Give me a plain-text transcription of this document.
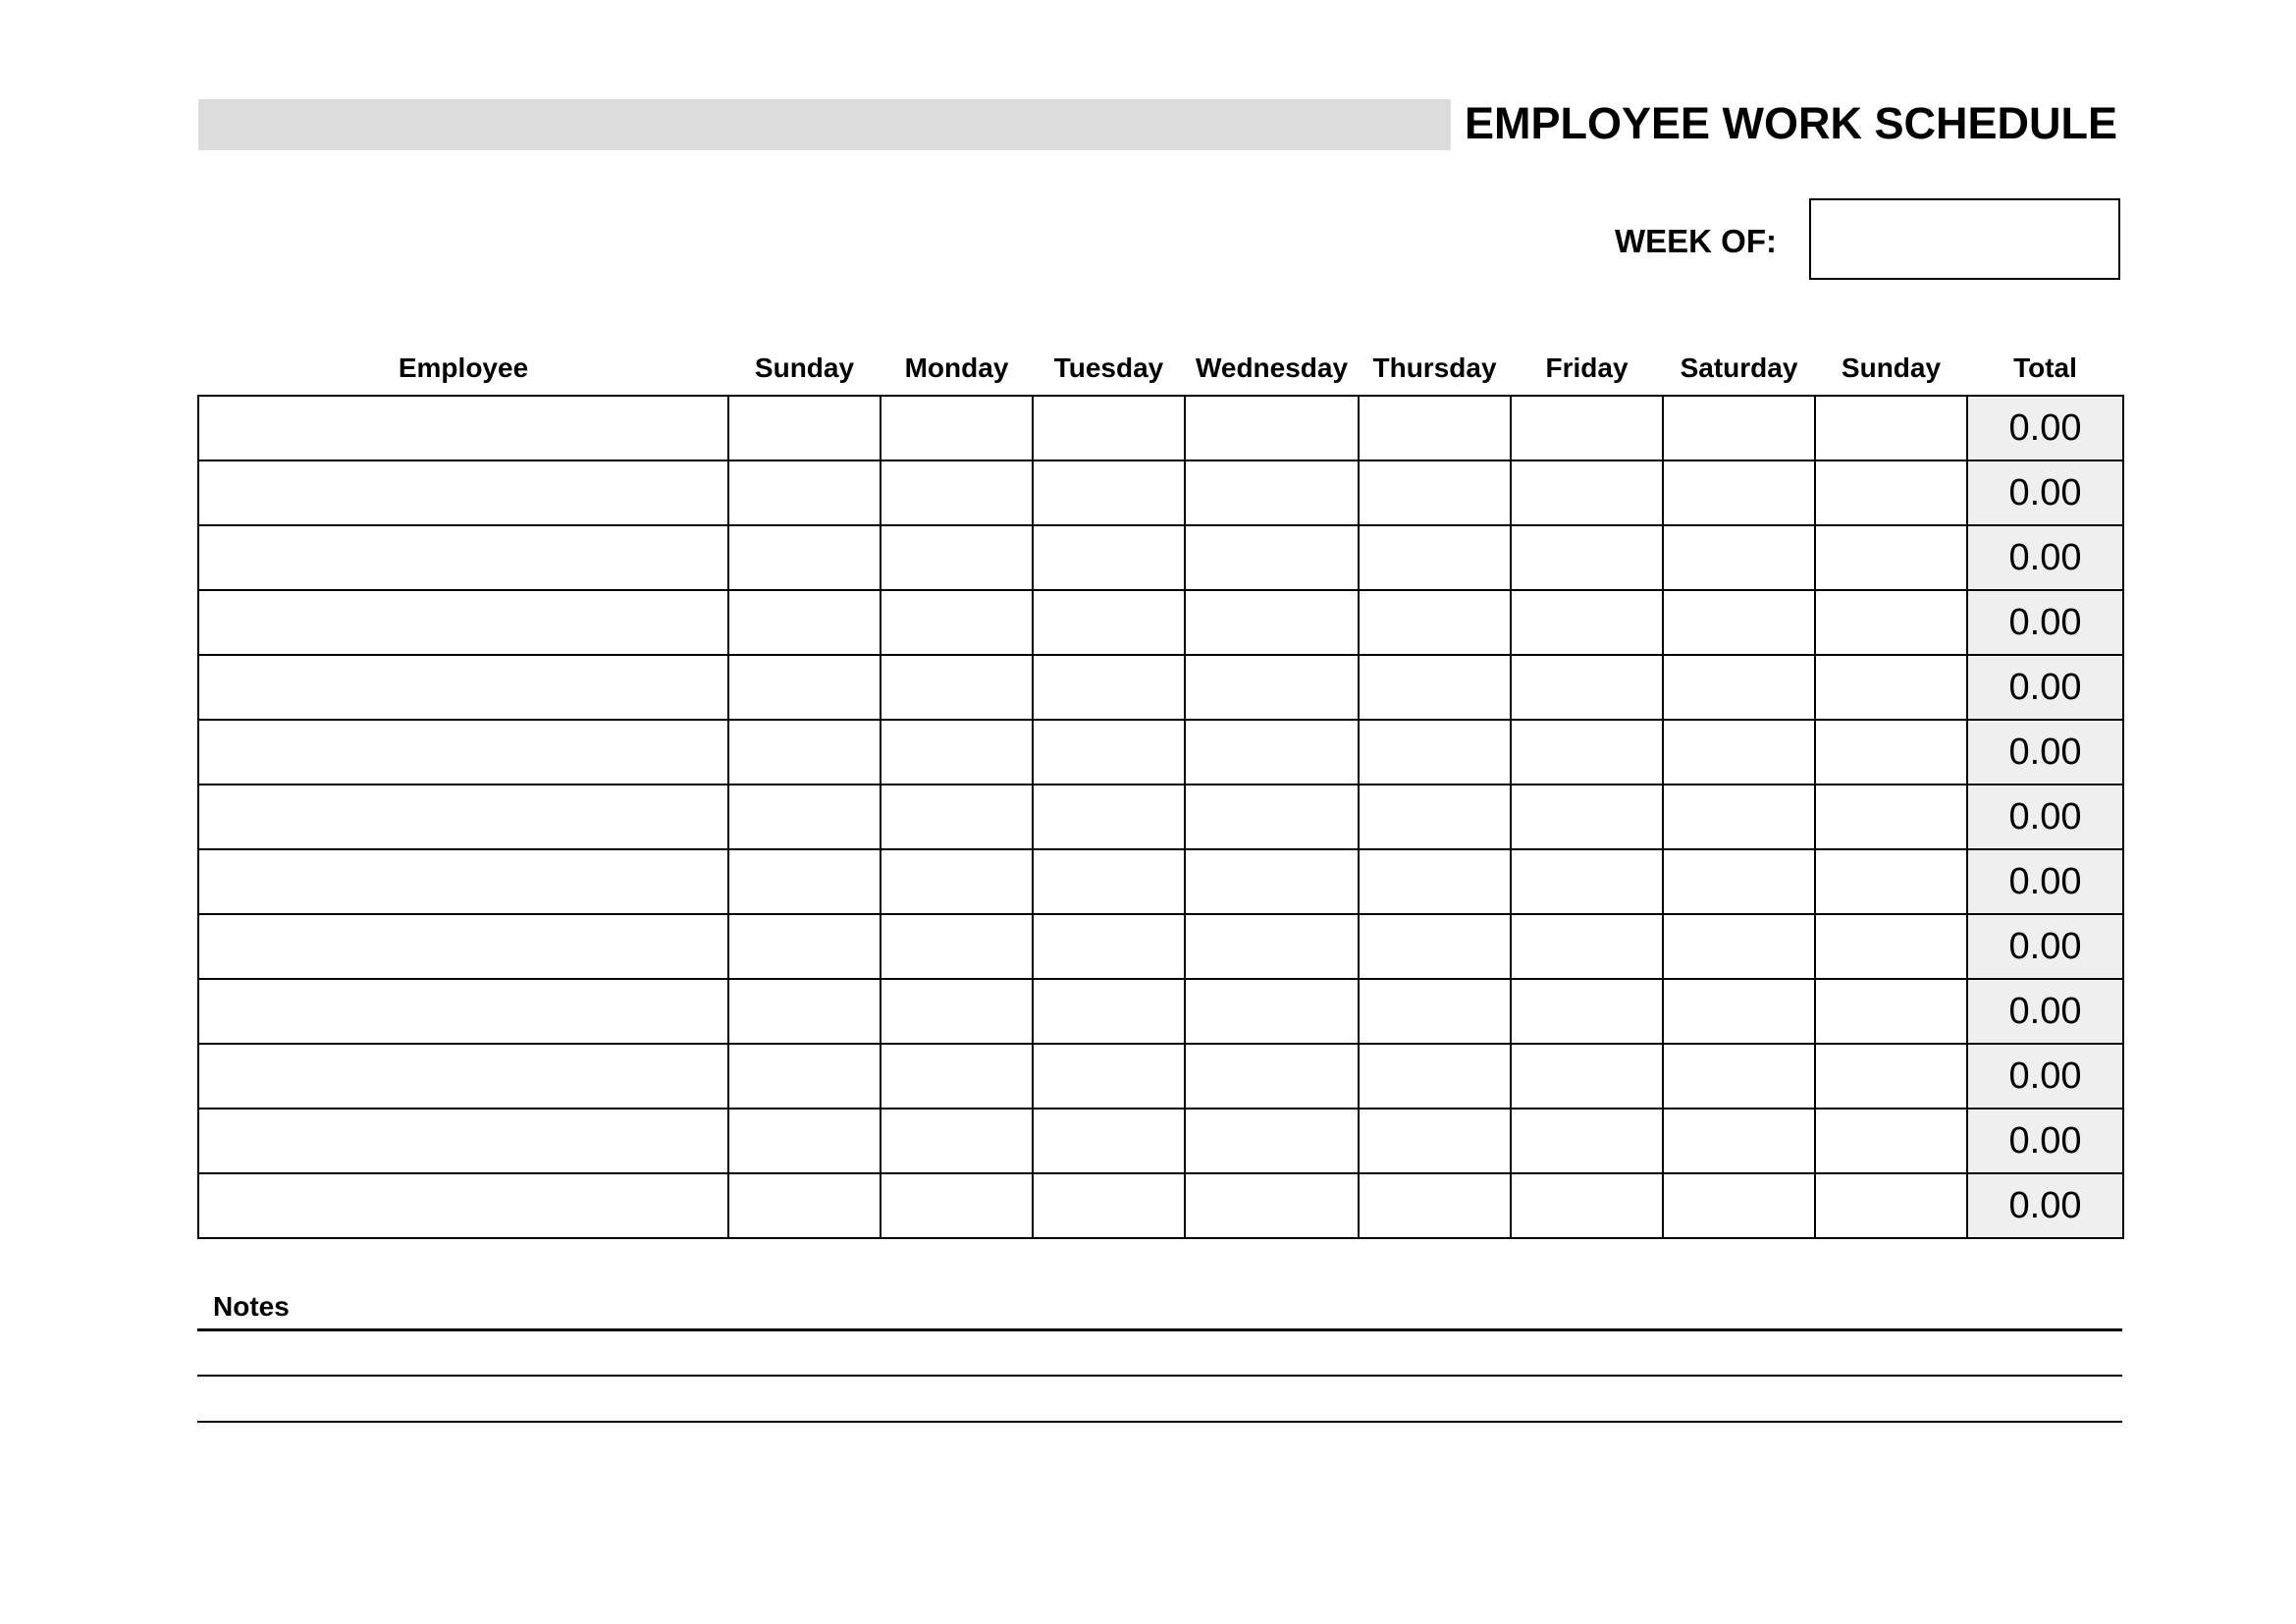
EMPLOYEE WORK SCHEDULE
WEEK OF:
Employee	Sunday	Monday	Tuesday	Wednesday	Thursday	Friday	Saturday	Sunday	Total
									0.00
									0.00
									0.00
									0.00
									0.00
									0.00
									0.00
									0.00
									0.00
									0.00
									0.00
									0.00
									0.00
Notes
